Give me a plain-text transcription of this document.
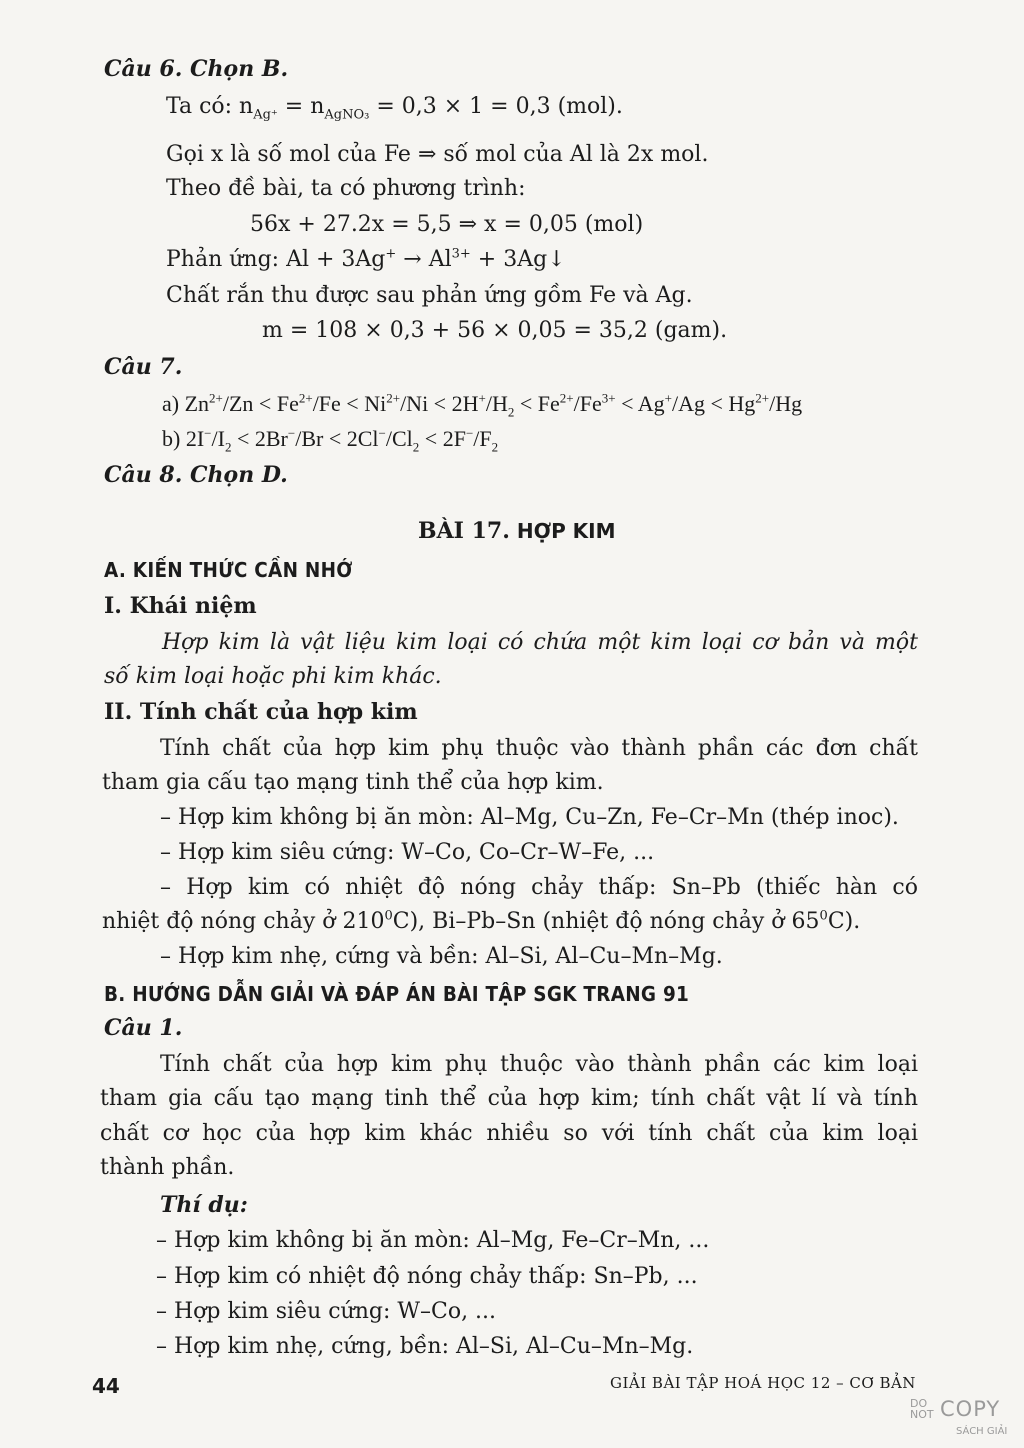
Câu 6. Chọn B.
Ta có: $n_{Ag^+} = n_{AgNO_3} = 0,3 \times 1 = 0,3$ (mol).
Gọi x là số mol của Fe ⇒ số mol của Al là 2x mol.
Theo đề bài, ta có phương trình:
56x + 27.2x = 5,5 ⇒ x = 0,05 (mol)
Phản ứng: $Al + 3Ag^+ \to Al^{3+}$ + 3Ag↓
Chất rắn thu được sau phản ứng gồm Fe và Ag.
m = 108 × 0,3 + 56 × 0,05 = 35,2 (gam).
Câu 7.
a) $Zn^{2+}/Zn < Fe^{2+}/Fe < Ni^{2+}/Ni < 2H^+/H_2 < Fe^{2+}/Fe^{3+} < Ag^+/Ag < Hg^{2+}/Hg$
b) $2I^-/I_2 < 2Br^-/Br < 2Cl^-/Cl_2 < 2F^-/F_2$
Câu 8. Chọn D.
BÀI 17. HỢP KIM
A. KIẾN THỨC CẦN NHỚ
I. Khái niệm
Hợp kim là vật liệu kim loại có chứa một kim loại cơ bản và một
số kim loại hoặc phi kim khác.
II. Tính chất của hợp kim
Tính chất của hợp kim phụ thuộc vào thành phần các đơn chất
tham gia cấu tạo mạng tinh thể của hợp kim.
– Hợp kim không bị ăn mòn: Al–Mg, Cu–Zn, Fe–Cr–Mn (thép inoc).
– Hợp kim siêu cứng: W–Co, Co–Cr–W–Fe, ...
– Hợp kim có nhiệt độ nóng chảy thấp: Sn–Pb (thiếc hàn có
nhiệt độ nóng chảy ở $210^0C$), Bi–Pb–Sn (nhiệt độ nóng chảy ở $65^0C$).
– Hợp kim nhẹ, cứng và bền: Al–Si, Al–Cu–Mn–Mg.
B. HƯỚNG DẪN GIẢI VÀ ĐÁP ÁN BÀI TẬP SGK TRANG 91
Câu 1.
Tính chất của hợp kim phụ thuộc vào thành phần các kim loại
tham gia cấu tạo mạng tinh thể của hợp kim; tính chất vật lí và tính
chất cơ học của hợp kim khác nhiều so với tính chất của kim loại
thành phần.
Thí dụ:
– Hợp kim không bị ăn mòn: Al–Mg, Fe–Cr–Mn, ...
– Hợp kim có nhiệt độ nóng chảy thấp: Sn–Pb, ...
– Hợp kim siêu cứng: W–Co, ...
– Hợp kim nhẹ, cứng, bền: Al–Si, Al–Cu–Mn–Mg.
44	GIẢI BÀI TẬP HOÁ HỌC 12 – CƠ BẢN
DO
NOT COPY
SÁCH GIẢI
